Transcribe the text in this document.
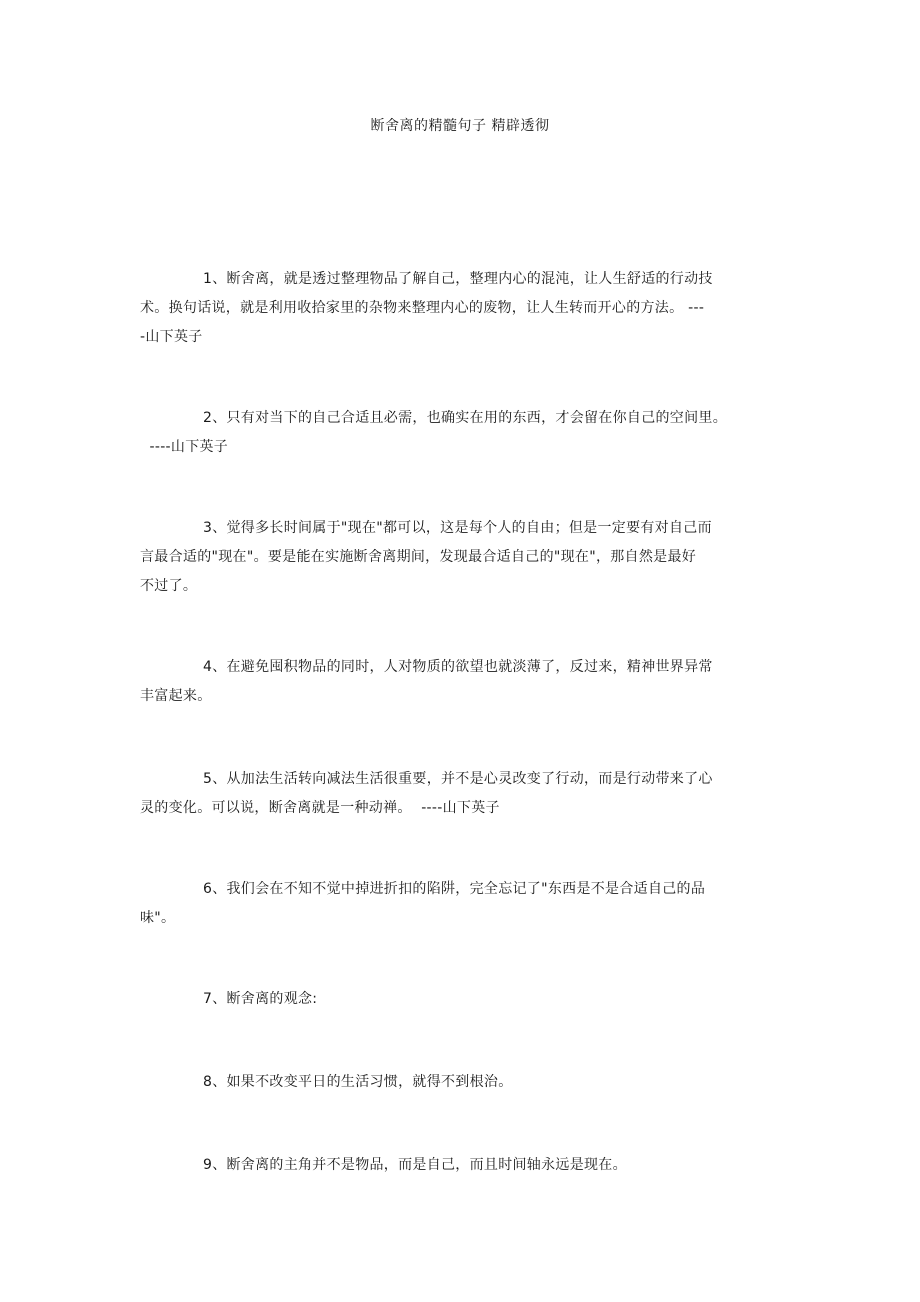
断舍离的精髓句子 精辟透彻
1、断舍离，就是透过整理物品了解自己，整理内心的混沌，让人生舒适的行动技
术。换句话说，就是利用收拾家里的杂物来整理内心的废物，让人生转而开心的方法。 ---
-山下英子
2、只有对当下的自己合适且必需，也确实在用的东西，才会留在你自己的空间里。
----山下英子
3、觉得多长时间属于"现在"都可以，这是每个人的自由；但是一定要有对自己而
言最合适的"现在"。要是能在实施断舍离期间，发现最合适自己的"现在"，那自然是最好
不过了。
4、在避免囤积物品的同时，人对物质的欲望也就淡薄了，反过来，精神世界异常
丰富起来。
5、从加法生活转向减法生活很重要，并不是心灵改变了行动，而是行动带来了心
灵的变化。可以说，断舍离就是一种动禅。  ----山下英子
6、我们会在不知不觉中掉进折扣的陷阱，完全忘记了"东西是不是合适自己的品
味"。
7、断舍离的观念:
8、如果不改变平日的生活习惯，就得不到根治。
9、断舍离的主角并不是物品，而是自己，而且时间轴永远是现在。
